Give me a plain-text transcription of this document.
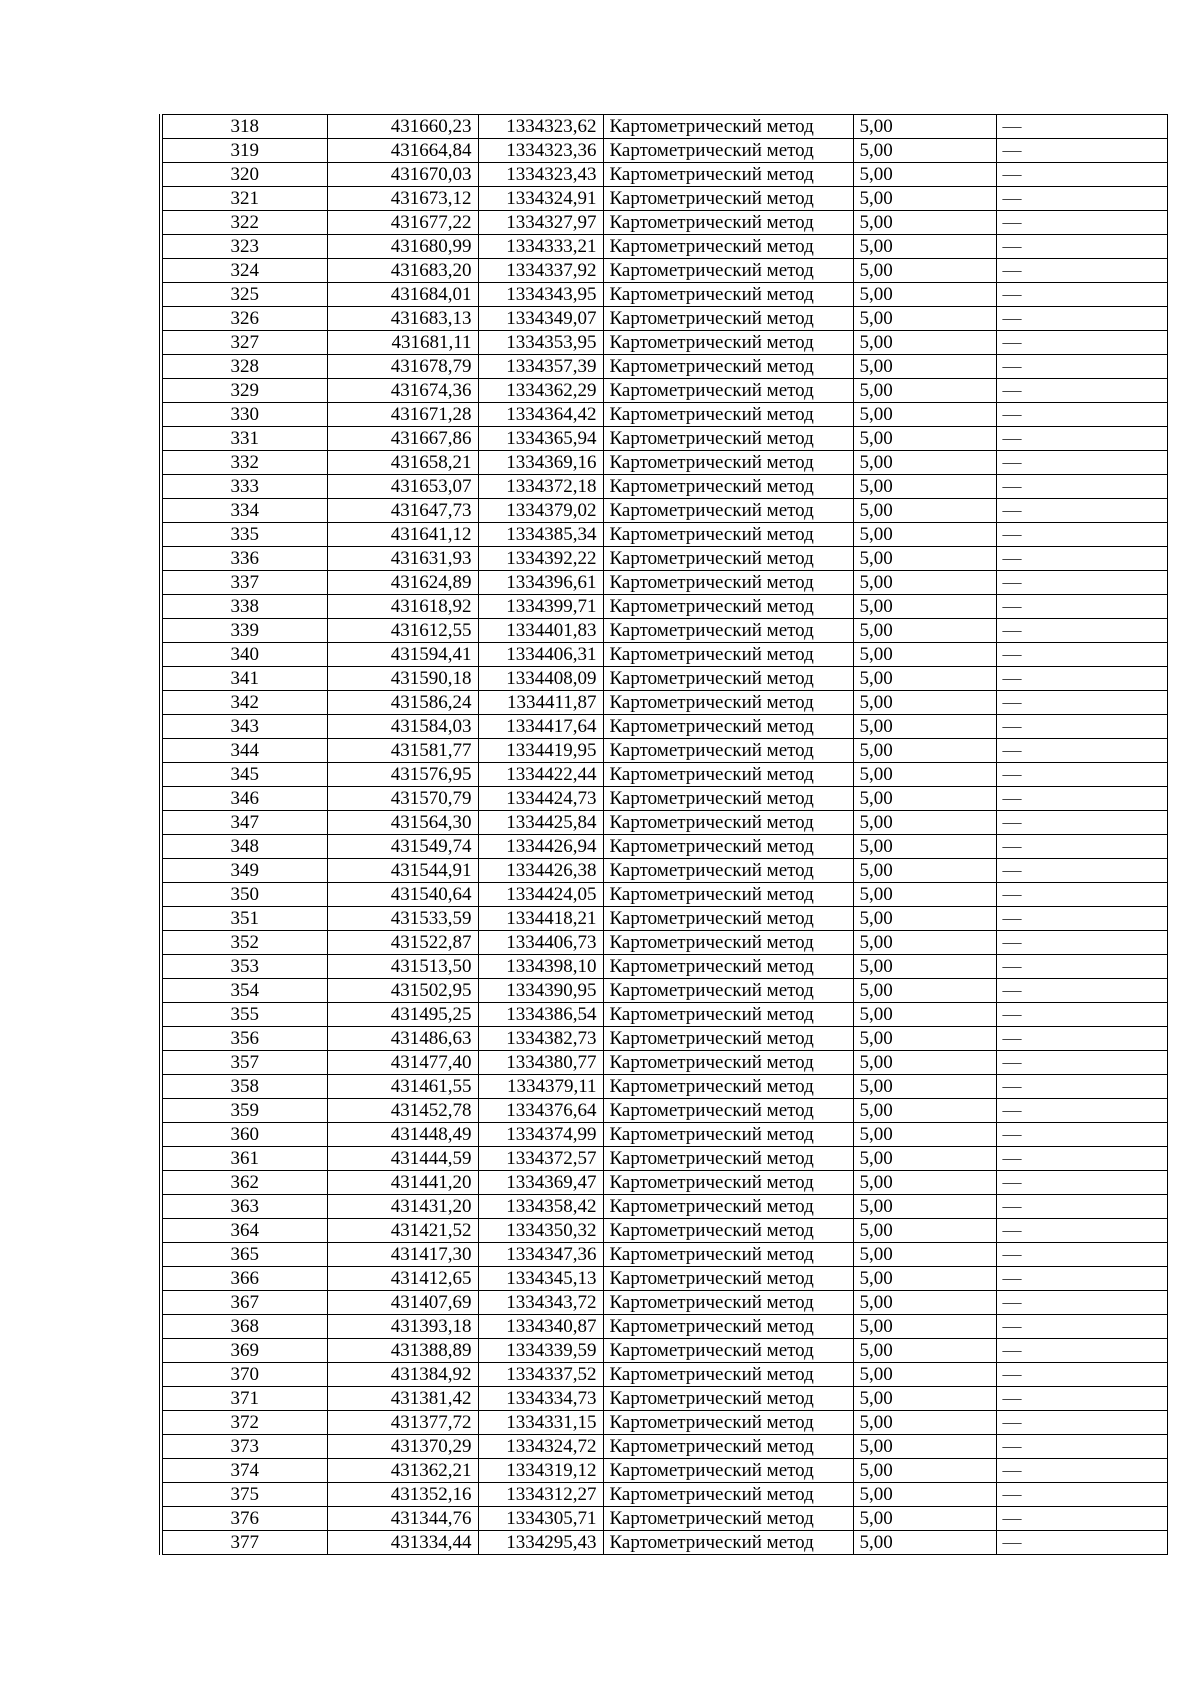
318	431660,23	1334323,62	Картометрический метод	5,00	—
319	431664,84	1334323,36	Картометрический метод	5,00	—
320	431670,03	1334323,43	Картометрический метод	5,00	—
321	431673,12	1334324,91	Картометрический метод	5,00	—
322	431677,22	1334327,97	Картометрический метод	5,00	—
323	431680,99	1334333,21	Картометрический метод	5,00	—
324	431683,20	1334337,92	Картометрический метод	5,00	—
325	431684,01	1334343,95	Картометрический метод	5,00	—
326	431683,13	1334349,07	Картометрический метод	5,00	—
327	431681,11	1334353,95	Картометрический метод	5,00	—
328	431678,79	1334357,39	Картометрический метод	5,00	—
329	431674,36	1334362,29	Картометрический метод	5,00	—
330	431671,28	1334364,42	Картометрический метод	5,00	—
331	431667,86	1334365,94	Картометрический метод	5,00	—
332	431658,21	1334369,16	Картометрический метод	5,00	—
333	431653,07	1334372,18	Картометрический метод	5,00	—
334	431647,73	1334379,02	Картометрический метод	5,00	—
335	431641,12	1334385,34	Картометрический метод	5,00	—
336	431631,93	1334392,22	Картометрический метод	5,00	—
337	431624,89	1334396,61	Картометрический метод	5,00	—
338	431618,92	1334399,71	Картометрический метод	5,00	—
339	431612,55	1334401,83	Картометрический метод	5,00	—
340	431594,41	1334406,31	Картометрический метод	5,00	—
341	431590,18	1334408,09	Картометрический метод	5,00	—
342	431586,24	1334411,87	Картометрический метод	5,00	—
343	431584,03	1334417,64	Картометрический метод	5,00	—
344	431581,77	1334419,95	Картометрический метод	5,00	—
345	431576,95	1334422,44	Картометрический метод	5,00	—
346	431570,79	1334424,73	Картометрический метод	5,00	—
347	431564,30	1334425,84	Картометрический метод	5,00	—
348	431549,74	1334426,94	Картометрический метод	5,00	—
349	431544,91	1334426,38	Картометрический метод	5,00	—
350	431540,64	1334424,05	Картометрический метод	5,00	—
351	431533,59	1334418,21	Картометрический метод	5,00	—
352	431522,87	1334406,73	Картометрический метод	5,00	—
353	431513,50	1334398,10	Картометрический метод	5,00	—
354	431502,95	1334390,95	Картометрический метод	5,00	—
355	431495,25	1334386,54	Картометрический метод	5,00	—
356	431486,63	1334382,73	Картометрический метод	5,00	—
357	431477,40	1334380,77	Картометрический метод	5,00	—
358	431461,55	1334379,11	Картометрический метод	5,00	—
359	431452,78	1334376,64	Картометрический метод	5,00	—
360	431448,49	1334374,99	Картометрический метод	5,00	—
361	431444,59	1334372,57	Картометрический метод	5,00	—
362	431441,20	1334369,47	Картометрический метод	5,00	—
363	431431,20	1334358,42	Картометрический метод	5,00	—
364	431421,52	1334350,32	Картометрический метод	5,00	—
365	431417,30	1334347,36	Картометрический метод	5,00	—
366	431412,65	1334345,13	Картометрический метод	5,00	—
367	431407,69	1334343,72	Картометрический метод	5,00	—
368	431393,18	1334340,87	Картометрический метод	5,00	—
369	431388,89	1334339,59	Картометрический метод	5,00	—
370	431384,92	1334337,52	Картометрический метод	5,00	—
371	431381,42	1334334,73	Картометрический метод	5,00	—
372	431377,72	1334331,15	Картометрический метод	5,00	—
373	431370,29	1334324,72	Картометрический метод	5,00	—
374	431362,21	1334319,12	Картометрический метод	5,00	—
375	431352,16	1334312,27	Картометрический метод	5,00	—
376	431344,76	1334305,71	Картометрический метод	5,00	—
377	431334,44	1334295,43	Картометрический метод	5,00	—
